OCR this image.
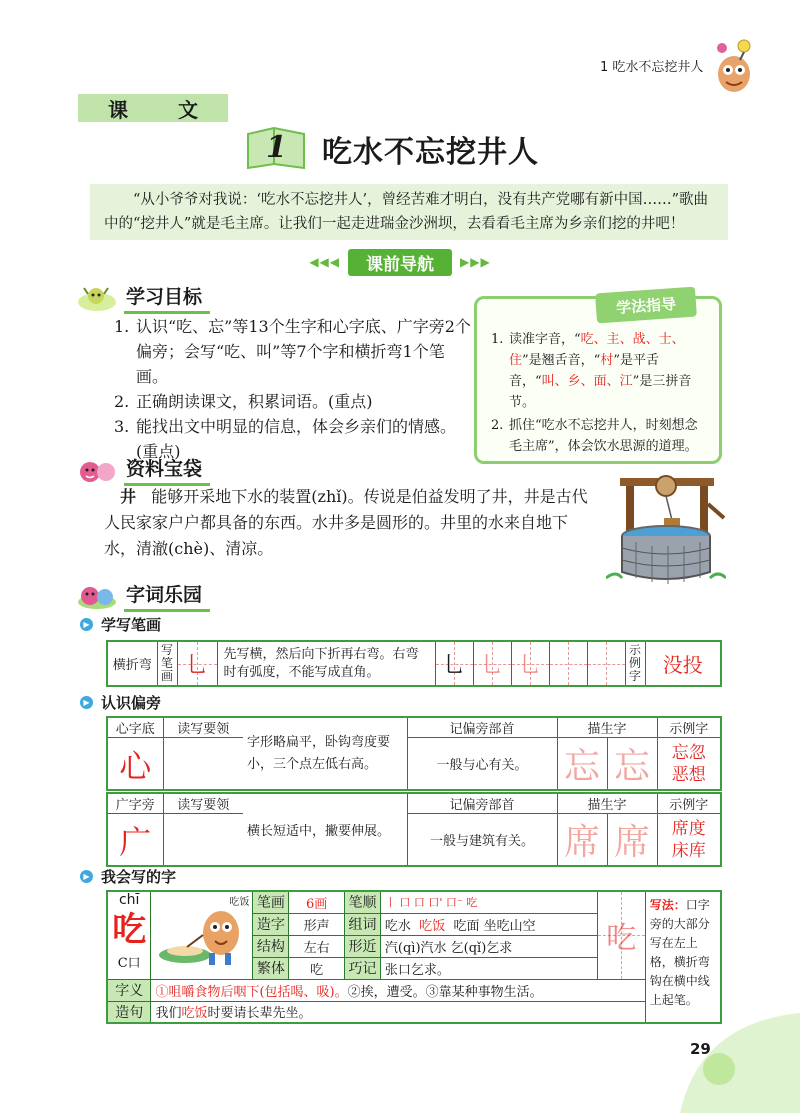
1 吃水不忘挖井人
课	文
1 吃水不忘挖井人
“从小爷爷对我说：‘吃水不忘挖井人’，曾经苦难才明白，没有共产党哪有新中国……”歌曲中的“挖井人”就是毛主席。让我们一起走进瑞金沙洲坝，去看看毛主席为乡亲们挖的井吧！
◀◀◀	课前导航	▶▶▶
学习目标
1. 认识“吃、忘”等13个生字和心字底、广字旁2个偏旁；会写“吃、叫”等7个字和横折弯1个笔画。
2. 正确朗读课文，积累词语。(重点)
3. 能找出文中明显的信息，体会乡亲们的情感。(重点)
1. 读准字音，“吃、主、战、士、住”是翘舌音，“村”是平舌音，“叫、乡、面、江”是三拼音节。
2. 抓住“吃水不忘挖井人，时刻想念毛主席”，体会饮水思源的道理。
学法指导
资料宝袋
井 能够开采地下水的装置(zhǐ)。传说是伯益发明了井，井是古代人民家家户户都具备的东西。水井多是圆形的。井里的水来自地下水，清澈(chè)、清凉。
字词乐园
▶ 学写笔画
横折弯	写笔画	乚	先写横，然后向下折再右弯。右弯时有弧度，不能写成直角。	乚	乚	乚			示例字	没投
▶ 认识偏旁
心字底	读写要领	字形略扁平，卧钩弯度要小，三个点左低右高。	记偏旁部首	描生字		示例字
心			一般与心有关。	忘	忘	忘忽
恶想
广字旁	读写要领	横长短适中，撇要伸展。	记偏旁部首	描生字		示例字
广			一般与建筑有关。	席	席	席度
床库
▶ 我会写的字
chī
吃
C口	吃饭	笔画	6画	笔顺	丨 口 口 口' 口⁻ 吃	吃	写法：口字旁的大部分写在左上格，横折弯钩在横中线上起笔。
		造字	形声	组词	吃水 吃饭 吃面 坐吃山空		
		结构	左右	形近	汽(qì)汽水 乞(qǐ)乞求		
		繁体	吃	巧记	张口乞求。		
字义	①咀嚼食物后咽下(包括喝、吸)。②挨，遭受。③靠某种事物生活。						
造句	我们吃饭时要请长辈先坐。						
29
